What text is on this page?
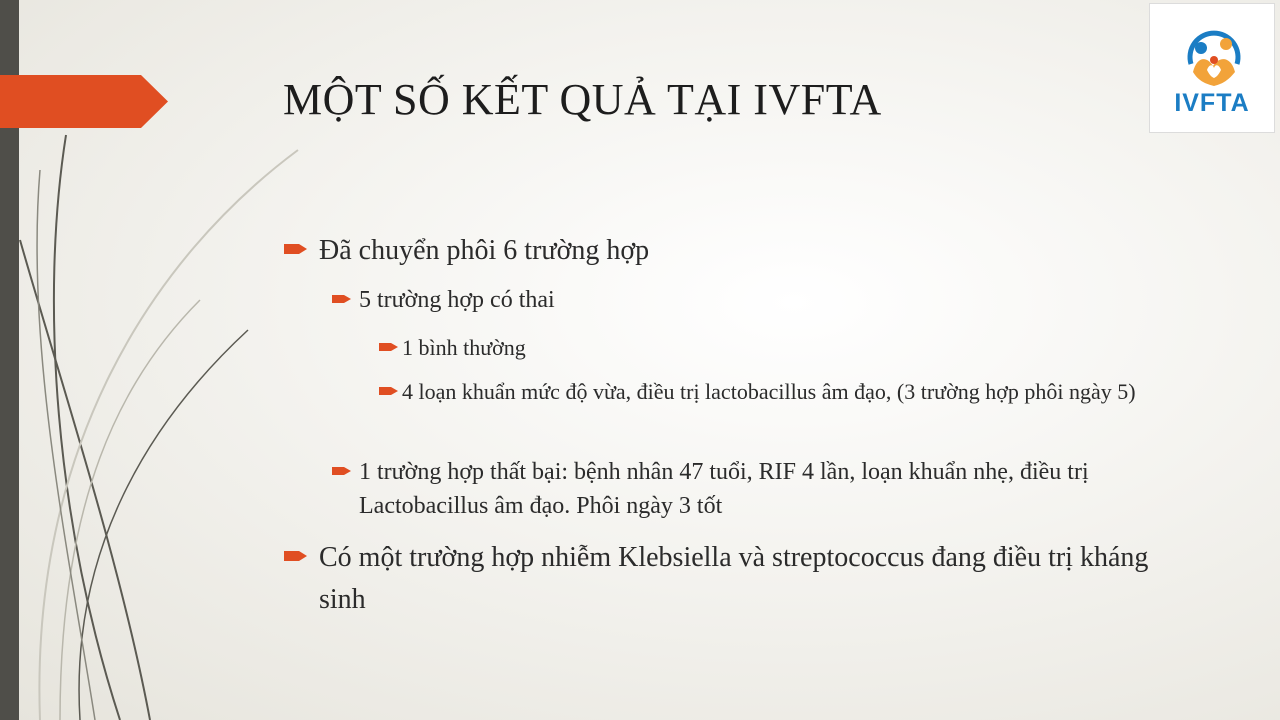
MỘT SỐ KẾT QUẢ TẠI IVFTA	IVFTA
Đã chuyển phôi 6 trường hợp
5 trường hợp có thai
1 bình thường
4 loạn khuẩn mức độ vừa, điều trị lactobacillus âm đạo, (3 trường hợp phôi ngày 5)
1 trường hợp thất bại: bệnh nhân 47 tuổi, RIF 4 lần, loạn khuẩn nhẹ, điều trị Lactobacillus âm đạo. Phôi ngày 3 tốt
Có một trường hợp nhiễm Klebsiella và streptococcus đang điều trị kháng sinh
